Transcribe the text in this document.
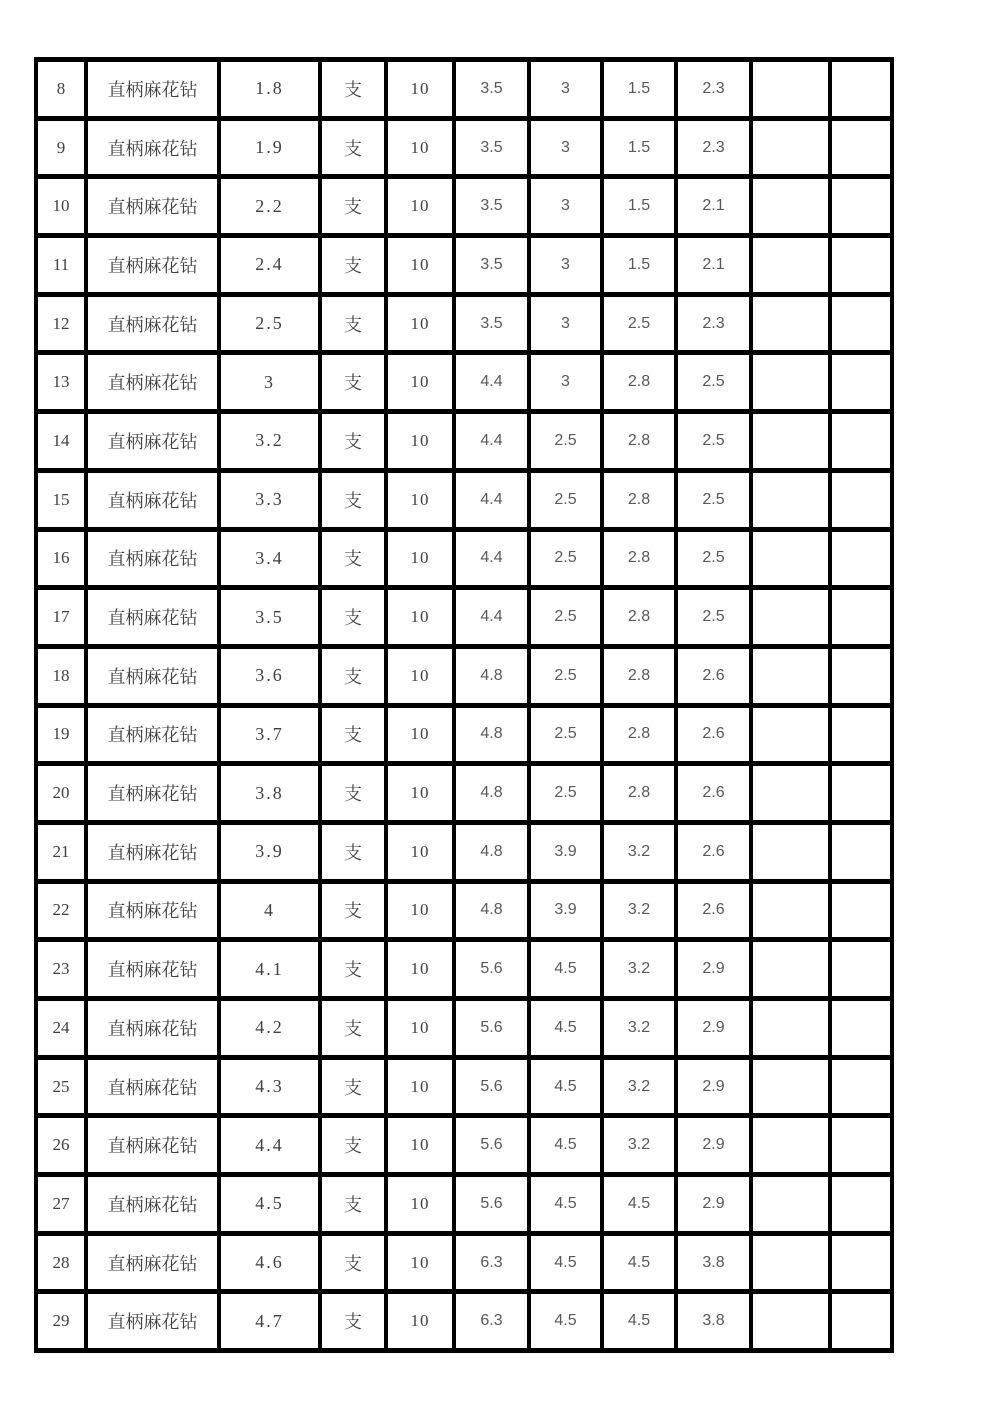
8	直柄麻花钻	1.8	支	10	3.5	3	1.5	2.3		
9	直柄麻花钻	1.9	支	10	3.5	3	1.5	2.3		
10	直柄麻花钻	2.2	支	10	3.5	3	1.5	2.1		
11	直柄麻花钻	2.4	支	10	3.5	3	1.5	2.1		
12	直柄麻花钻	2.5	支	10	3.5	3	2.5	2.3		
13	直柄麻花钻	3	支	10	4.4	3	2.8	2.5		
14	直柄麻花钻	3.2	支	10	4.4	2.5	2.8	2.5		
15	直柄麻花钻	3.3	支	10	4.4	2.5	2.8	2.5		
16	直柄麻花钻	3.4	支	10	4.4	2.5	2.8	2.5		
17	直柄麻花钻	3.5	支	10	4.4	2.5	2.8	2.5		
18	直柄麻花钻	3.6	支	10	4.8	2.5	2.8	2.6		
19	直柄麻花钻	3.7	支	10	4.8	2.5	2.8	2.6		
20	直柄麻花钻	3.8	支	10	4.8	2.5	2.8	2.6		
21	直柄麻花钻	3.9	支	10	4.8	3.9	3.2	2.6		
22	直柄麻花钻	4	支	10	4.8	3.9	3.2	2.6		
23	直柄麻花钻	4.1	支	10	5.6	4.5	3.2	2.9		
24	直柄麻花钻	4.2	支	10	5.6	4.5	3.2	2.9		
25	直柄麻花钻	4.3	支	10	5.6	4.5	3.2	2.9		
26	直柄麻花钻	4.4	支	10	5.6	4.5	3.2	2.9		
27	直柄麻花钻	4.5	支	10	5.6	4.5	4.5	2.9		
28	直柄麻花钻	4.6	支	10	6.3	4.5	4.5	3.8		
29	直柄麻花钻	4.7	支	10	6.3	4.5	4.5	3.8		
